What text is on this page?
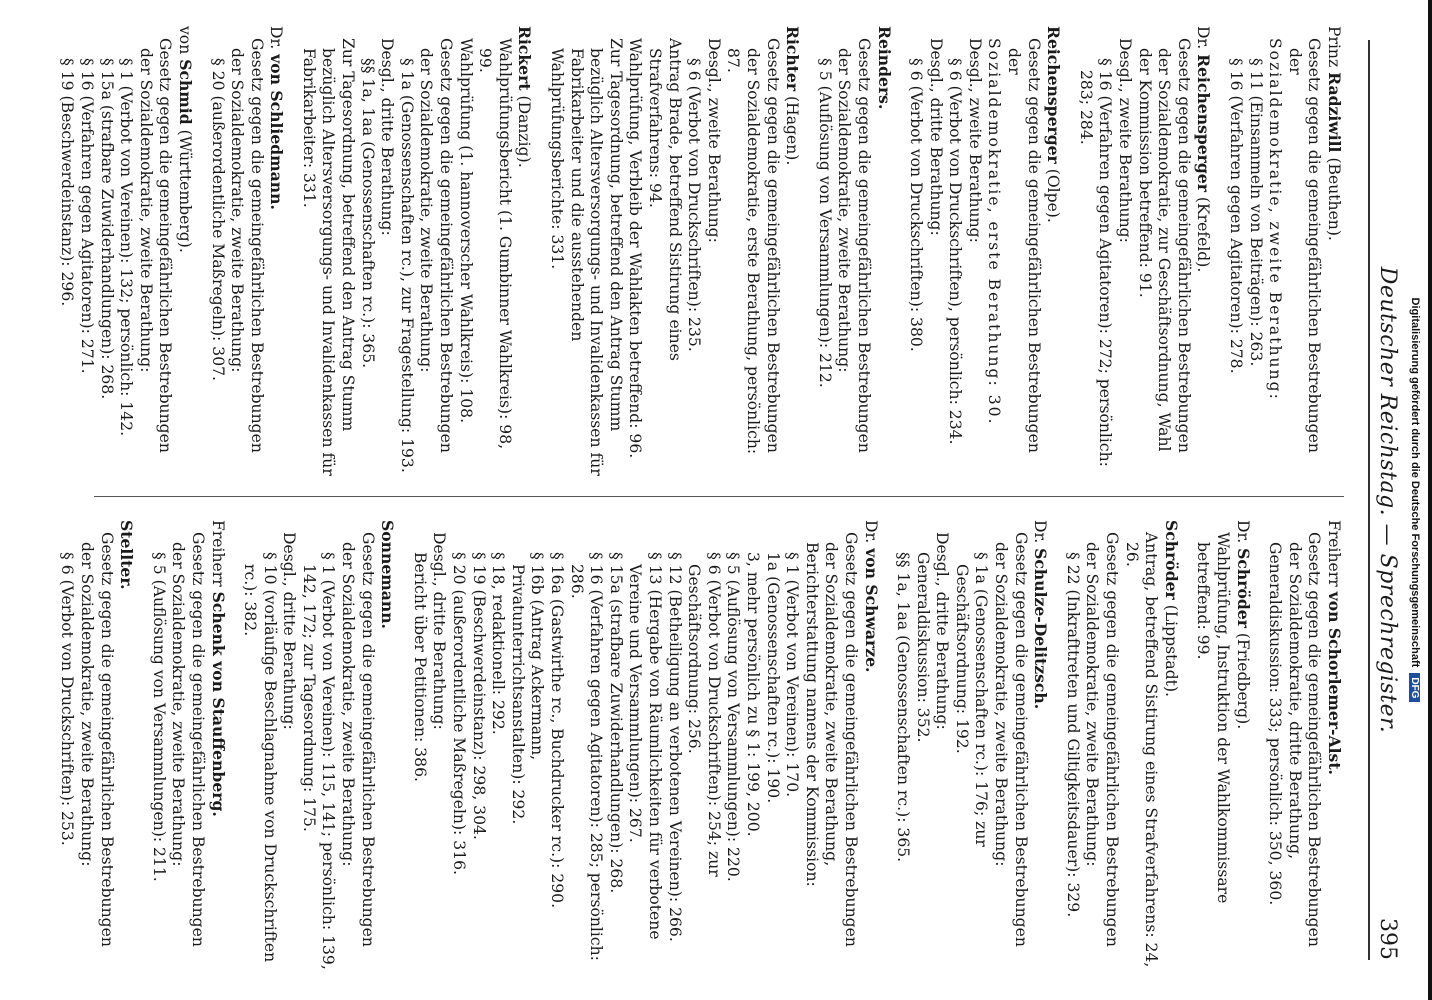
Deutscher Reichstag. — Sprechregister.
395
Prinz Radziwill (Beuthen).
Gesetz gegen die gemeingefährlichen Bestrebungen der
Sozialdemokratie, zweite Berathung:
§ 11 (Einsammeln von Beiträgen): 263.
§ 16 (Verfahren gegen Agitatoren): 278.
Dr. Reichensperger (Krefeld).
Gesetz gegen die gemeingefährlichen Bestrebungen der Sozialdemokratie, zur Geschäftsordnung, Wahl der Kommission betreffend: 91.
Desgl., zweite Berathung:
§ 16 (Verfahren gegen Agitatoren): 272; persönlich: 283; 284.
Reichensperger (Olpe).
Gesetz gegen die gemeingefährlichen Bestrebungen der
Sozialdemokratie, erste Berathung: 30.
Desgl., zweite Berathung:
§ 6 (Verbot von Druckschriften), persönlich: 234.
Desgl., dritte Berathung:
§ 6 (Verbot von Druckschriften): 380.
Reinders.
Gesetz gegen die gemeingefährlichen Bestrebungen der Sozialdemokratie, zweite Berathung:
§ 5 (Auflösung von Versammlungen): 212.
Richter (Hagen).
Gesetz gegen die gemeingefährlichen Bestrebungen der Sozialdemokratie, erste Berathung, persönlich: 87.
Desgl., zweite Berathung:
§ 6 (Verbot von Druckschriften): 235.
Antrag Brade, betreffend Sistirung eines Strafverfahrens: 94.
Wahlprüfung, Verbleib der Wahlakten betreffend: 96.
Zur Tagesordnung, betreffend den Antrag Stumm bezüglich Altersversorgungs- und Invalidenkassen für Fabrikarbeiter und die ausstehenden Wahlprüfungsberichte: 331.
Rickert (Danzig).
Wahlprüfungsbericht (1. Gumbinner Wahlkreis): 98, 99.
Wahlprüfung (1. hannoverscher Wahlkreis): 108.
Gesetz gegen die gemeingefährlichen Bestrebungen der Sozialdemokratie, zweite Berathung:
§ 1a (Genossenschaften rc.), zur Fragestellung: 193.
Desgl., dritte Berathung:
§§ 1a, 1aa (Genossenschaften rc.): 365.
Zur Tagesordnung, betreffend den Antrag Stumm bezüglich Altersversorgungs- und Invalidenkassen für Fabrikarbeiter: 331.
Dr. von Schliedmann.
Gesetz gegen die gemeingefährlichen Bestrebungen der Sozialdemokratie, zweite Berathung:
§ 20 (außerordentliche Maßregeln): 307.
von Schmid (Württemberg).
Gesetz gegen die gemeingefährlichen Bestrebungen der Sozialdemokratie, zweite Berathung:
§ 1 (Verbot von Vereinen): 132; persönlich: 142.
§ 15a (strafbare Zuwiderhandlungen): 268.
§ 16 (Verfahren gegen Agitatoren): 271.
§ 19 (Beschwerdeinstanz): 296.
Freiherr von Schorlemer-Alst.
Gesetz gegen die gemeingefährlichen Bestrebungen der Sozialdemokratie, dritte Berathung, Generaldiskussion: 333; persönlich: 350, 360.
Dr. Schröder (Friedberg).
Wahlprüfung, Instruktion der Wahlkommissare betreffend: 99.
Schröder (Lippstadt).
Antrag, betreffend Sistirung eines Strafverfahrens: 24, 26.
Gesetz gegen die gemeingefährlichen Bestrebungen der Sozialdemokratie, zweite Berathung:
§ 22 (Inkrafttreten und Giltigkeitsdauer): 329.
Dr. Schulze-Delitzsch.
Gesetz gegen die gemeingefährlichen Bestrebungen der Sozialdemokratie, zweite Berathung:
§ 1a (Genossenschaften rc.): 176; zur Geschäftsordnung: 192.
Desgl., dritte Berathung:
Generaldiskussion: 352.
§§ 1a, 1aa (Genossenschaften rc.): 365.
Dr. von Schwarze.
Gesetz gegen die gemeingefährlichen Bestrebungen der Sozialdemokratie, zweite Berathung, Berichterstattung namens der Kommission:
§ 1 (Verbot von Vereinen): 170.
1a (Genossenschaften rc.): 190.
3, mehr persönlich zu § 1: 199, 200.
§ 5 (Auflösung von Versammlungen): 220.
§ 6 (Verbot von Druckschriften): 254; zur Geschäftsordnung: 256.
§ 12 (Betheiligung an verbotenen Vereinen): 266.
§ 13 (Hergabe von Räumlichkeiten für verbotene Vereine und Versammlungen): 267.
§ 15a (strafbare Zuwiderhandlungen): 268.
§ 16 (Verfahren gegen Agitatoren): 285; persönlich: 286.
§ 16a (Gastwirthe rc., Buchdrucker rc.): 290.
§ 16b (Antrag Ackermann, Privatunterrichtsanstalten): 292.
§ 18, redaktionell: 292.
§ 19 (Beschwerdeinstanz): 298, 304.
§ 20 (außerordentliche Maßregeln): 316.
Desgl., dritte Berathung:
Bericht über Petitionen: 386.
Sonnemann.
Gesetz gegen die gemeingefährlichen Bestrebungen der Sozialdemokratie, zweite Berathung:
§ 1 (Verbot von Vereinen): 115, 141; persönlich: 139, 142, 172; zur Tagesordnung: 175.
Desgl., dritte Berathung:
§ 10 (vorläufige Beschlagnahme von Druckschriften rc.): 382.
Freiherr Schenk von Stauffenberg.
Gesetz gegen die gemeingefährlichen Bestrebungen der Sozialdemokratie, zweite Berathung:
§ 5 (Auflösung von Versammlungen): 211.
Stellter.
Gesetz gegen die gemeingefährlichen Bestrebungen der Sozialdemokratie, zweite Berathung:
§ 6 (Verbot von Druckschriften): 253.
Digitalisierung gefördert durch die Deutsche ForschungsgemeinschaftDFG
